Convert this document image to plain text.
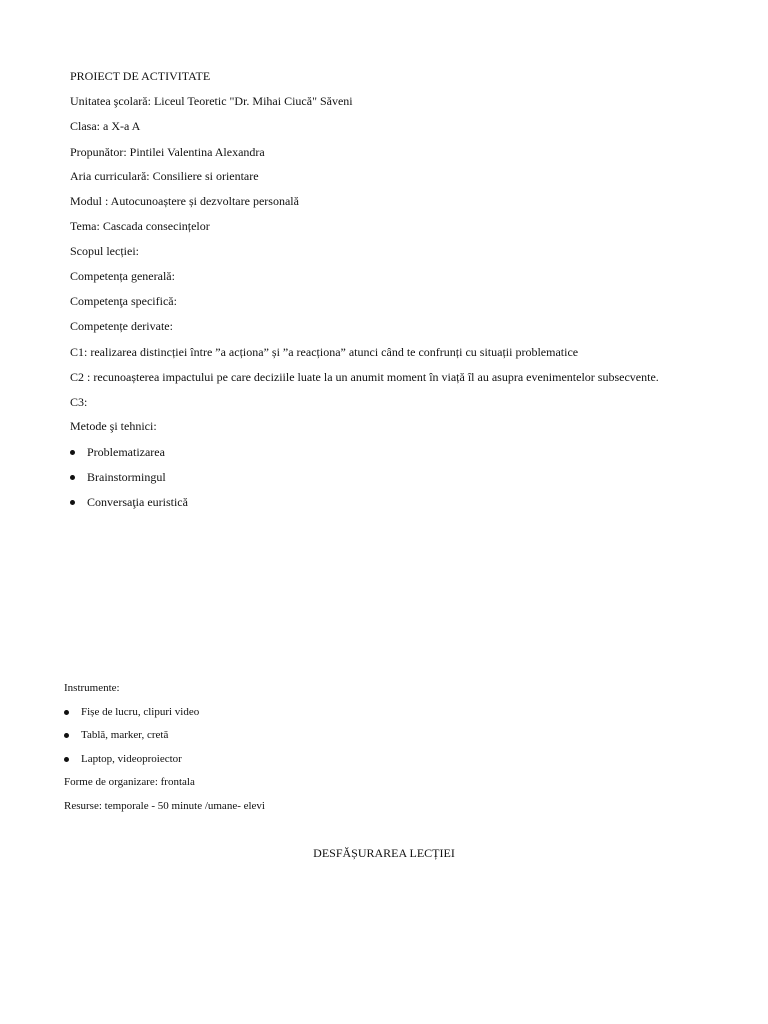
PROIECT DE ACTIVITATE
Unitatea şcolară: Liceul Teoretic "Dr. Mihai Ciucă" Săveni
Clasa: a X-a A
Propunător: Pintilei Valentina Alexandra
Aria curriculară: Consiliere si orientare
Modul : Autocunoaștere și dezvoltare personală
Tema: Cascada consecințelor
Scopul lecției:
Competența generală:
Competenţa specifică:
Competențe derivate:
C1: realizarea distincției între ”a acționa” și ”a reacționa” atunci când te confrunți cu situații problematice
C2 : recunoașterea impactului pe care deciziile luate la un anumit moment în viață îl au asupra evenimentelor subsecvente.
C3:
Metode şi tehnici:
Problematizarea
Brainstormingul
Conversaţia euristică
Instrumente:
Fișe de lucru, clipuri video
Tablă, marker, cretă
Laptop, videoproiector
Forme de organizare: frontala
Resurse: temporale - 50 minute /umane- elevi
DESFĂȘURAREA LECȚIEI
